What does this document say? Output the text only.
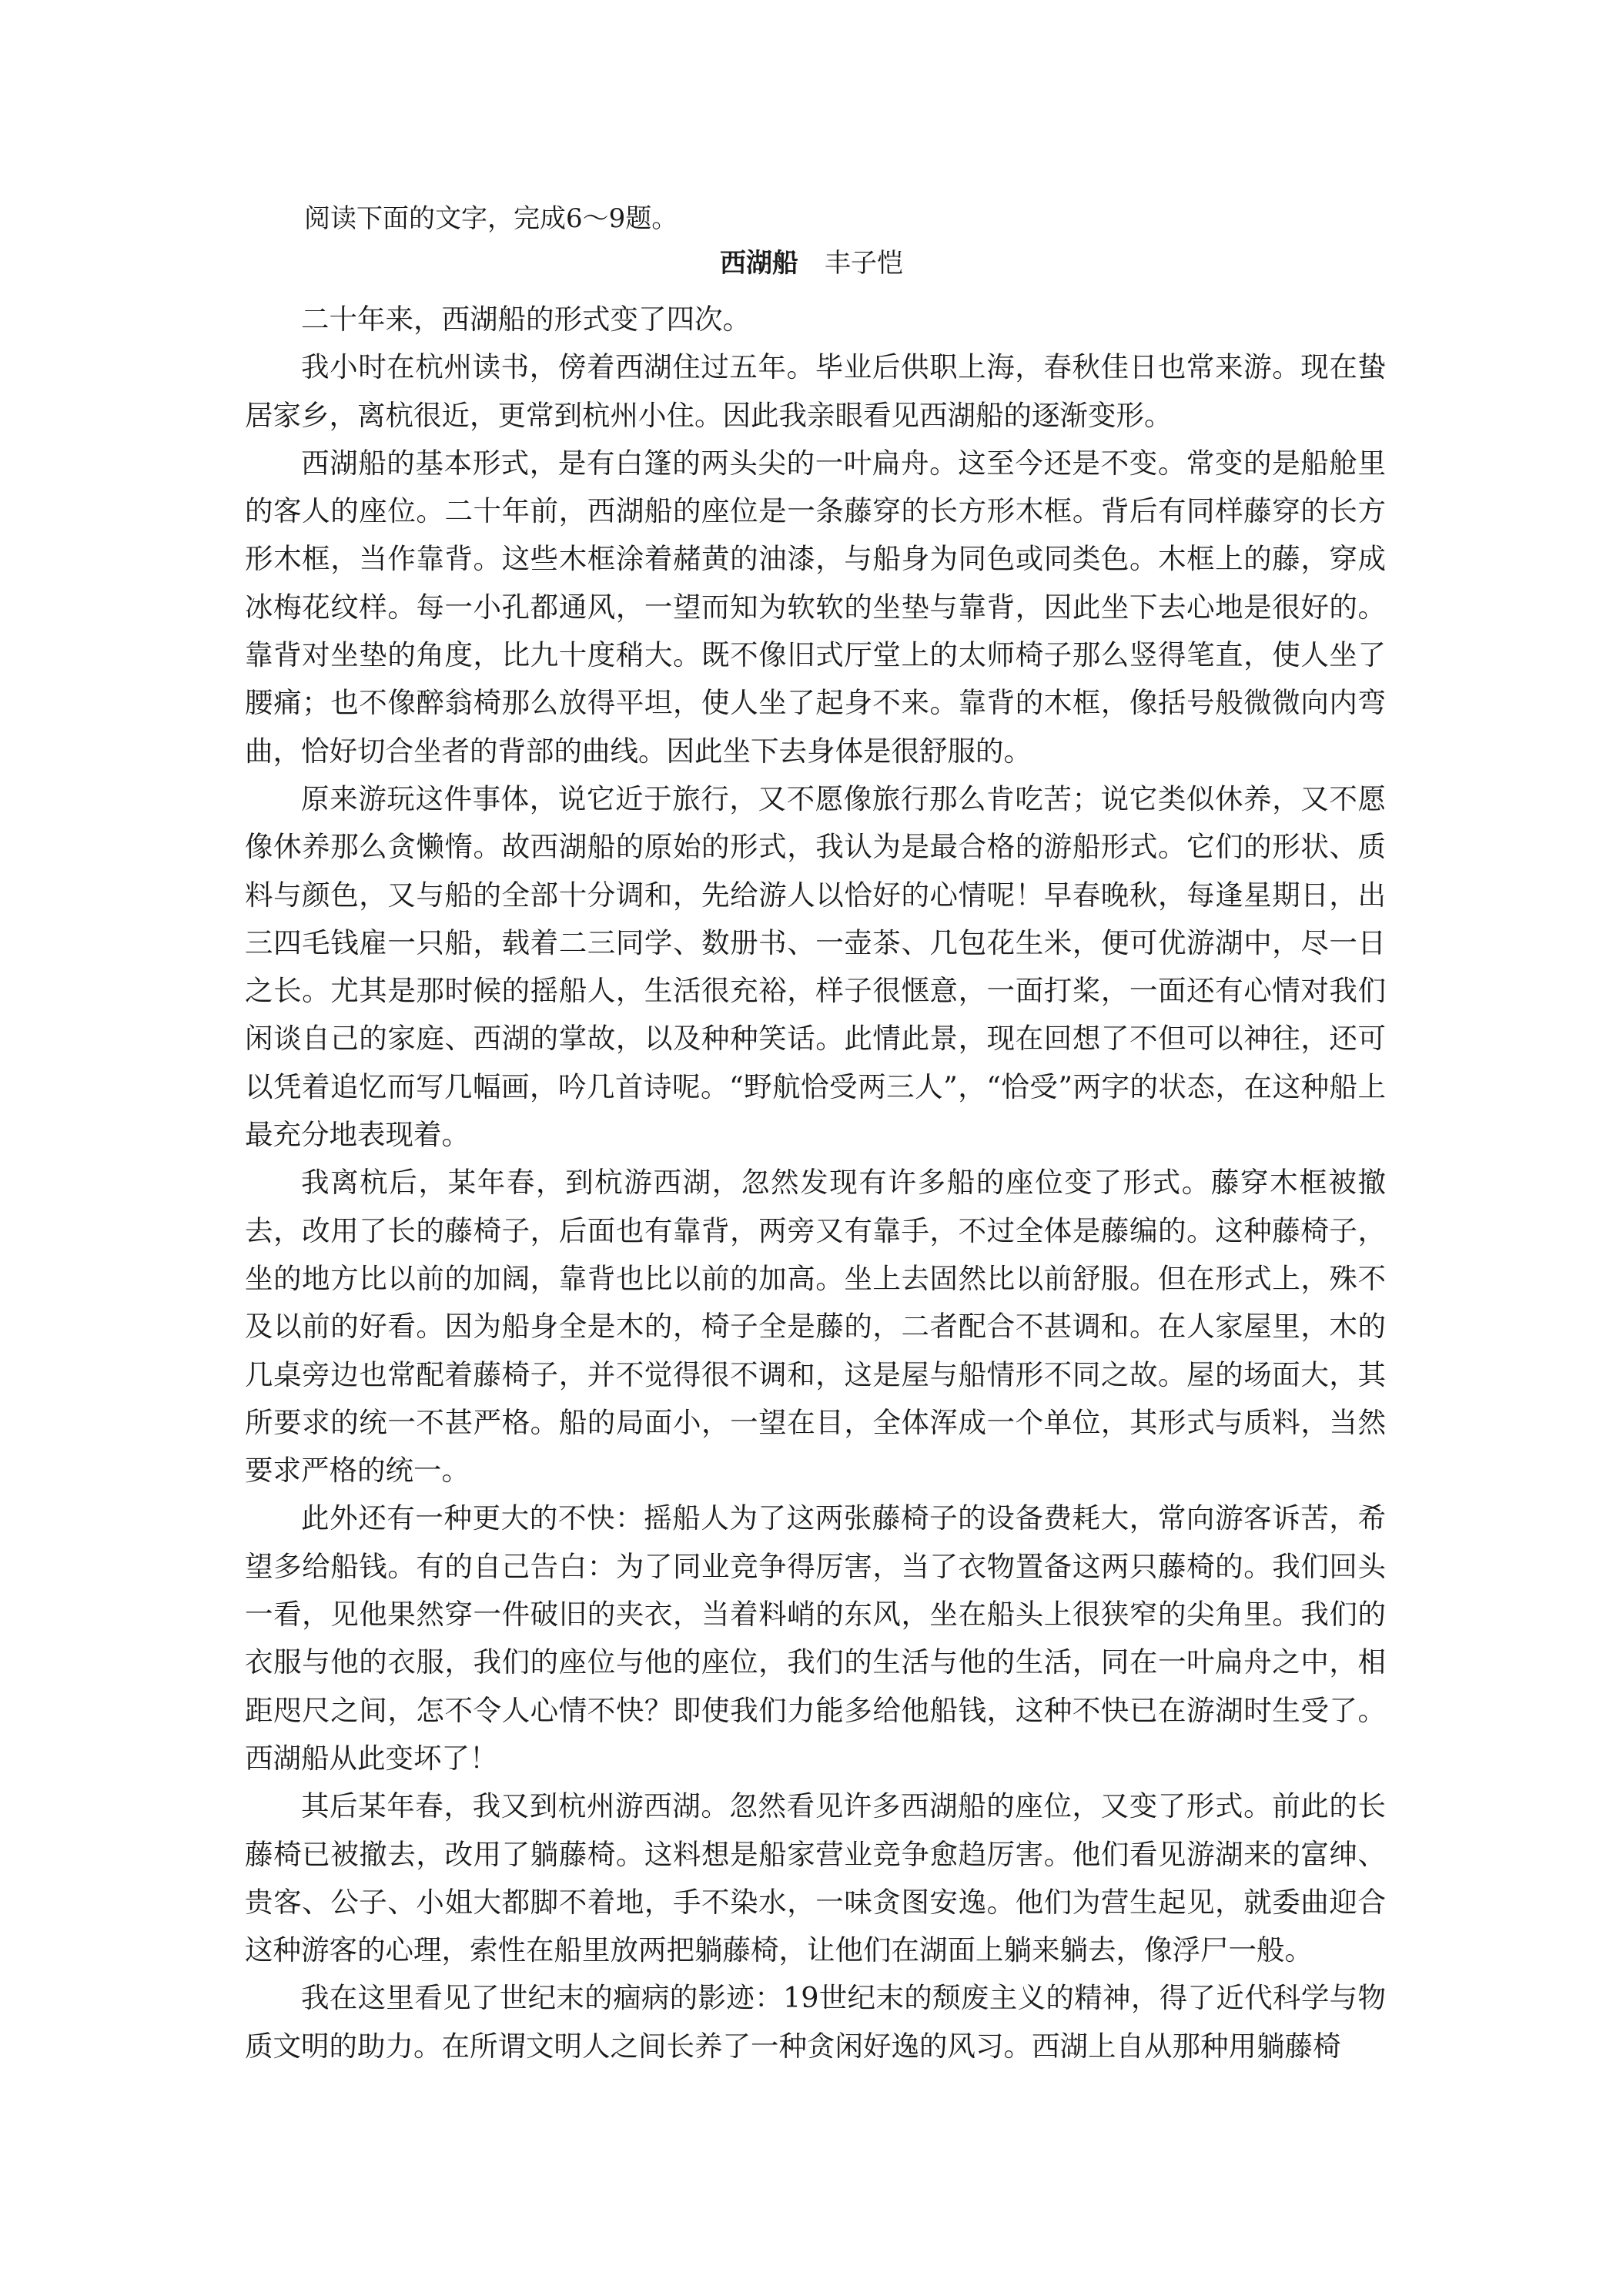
阅读下面的文字，完成6～9题。
西湖船 丰子恺

二十年来，西湖船的形式变了四次。

我小时在杭州读书，傍着西湖住过五年。毕业后供职上海，春秋佳日也常来游。现在蛰居家乡，离杭很近，更常到杭州小住。因此我亲眼看见西湖船的逐渐变形。

西湖船的基本形式，是有白篷的两头尖的一叶扁舟。这至今还是不变。常变的是船舱里的客人的座位。二十年前，西湖船的座位是一条藤穿的长方形木框。背后有同样藤穿的长方形木框，当作靠背。这些木框涂着赭黄的油漆，与船身为同色或同类色。木框上的藤，穿成冰梅花纹样。每一小孔都通风，一望而知为软软的坐垫与靠背，因此坐下去心地是很好的。靠背对坐垫的角度，比九十度稍大。既不像旧式厅堂上的太师椅子那么竖得笔直，使人坐了腰痛；也不像醉翁椅那么放得平坦，使人坐了起身不来。靠背的木框，像括号般微微向内弯曲，恰好切合坐者的背部的曲线。因此坐下去身体是很舒服的。

原来游玩这件事体，说它近于旅行，又不愿像旅行那么肯吃苦；说它类似休养，又不愿像休养那么贪懒惰。故西湖船的原始的形式，我认为是最合格的游船形式。它们的形状、质料与颜色，又与船的全部十分调和，先给游人以恰好的心情呢！早春晚秋，每逢星期日，出三四毛钱雇一只船，载着二三同学、数册书、一壶茶、几包花生米，便可优游湖中，尽一日之长。尤其是那时候的摇船人，生活很充裕，样子很惬意，一面打桨，一面还有心情对我们闲谈自己的家庭、西湖的掌故，以及种种笑话。此情此景，现在回想了不但可以神往，还可以凭着追忆而写几幅画，吟几首诗呢。“野航恰受两三人”，“恰受”两字的状态，在这种船上最充分地表现着。

我离杭后，某年春，到杭游西湖，忽然发现有许多船的座位变了形式。藤穿木框被撤去，改用了长的藤椅子，后面也有靠背，两旁又有靠手，不过全体是藤编的。这种藤椅子，坐的地方比以前的加阔，靠背也比以前的加高。坐上去固然比以前舒服。但在形式上，殊不及以前的好看。因为船身全是木的，椅子全是藤的，二者配合不甚调和。在人家屋里，木的几桌旁边也常配着藤椅子，并不觉得很不调和，这是屋与船情形不同之故。屋的场面大，其所要求的统一不甚严格。船的局面小，一望在目，全体浑成一个单位，其形式与质料，当然要求严格的统一。

此外还有一种更大的不快：摇船人为了这两张藤椅子的设备费耗大，常向游客诉苦，希望多给船钱。有的自己告白：为了同业竞争得厉害，当了衣物置备这两只藤椅的。我们回头一看，见他果然穿一件破旧的夹衣，当着料峭的东风，坐在船头上很狭窄的尖角里。我们的衣服与他的衣服，我们的座位与他的座位，我们的生活与他的生活，同在一叶扁舟之中，相距咫尺之间，怎不令人心情不快？即使我们力能多给他船钱，这种不快已在游湖时生受了。西湖船从此变坏了！

其后某年春，我又到杭州游西湖。忽然看见许多西湖船的座位，又变了形式。前此的长藤椅已被撤去，改用了躺藤椅。这料想是船家营业竞争愈趋厉害。他们看见游湖来的富绅、贵客、公子、小姐大都脚不着地，手不染水，一味贪图安逸。他们为营生起见，就委曲迎合这种游客的心理，索性在船里放两把躺藤椅，让他们在湖面上躺来躺去，像浮尸一般。

我在这里看见了世纪末的痼病的影迹：19世纪末的颓废主义的精神，得了近代科学与物质文明的助力。在所谓文明人之间长养了一种贪闲好逸的风习。西湖上自从那种用躺藤椅
